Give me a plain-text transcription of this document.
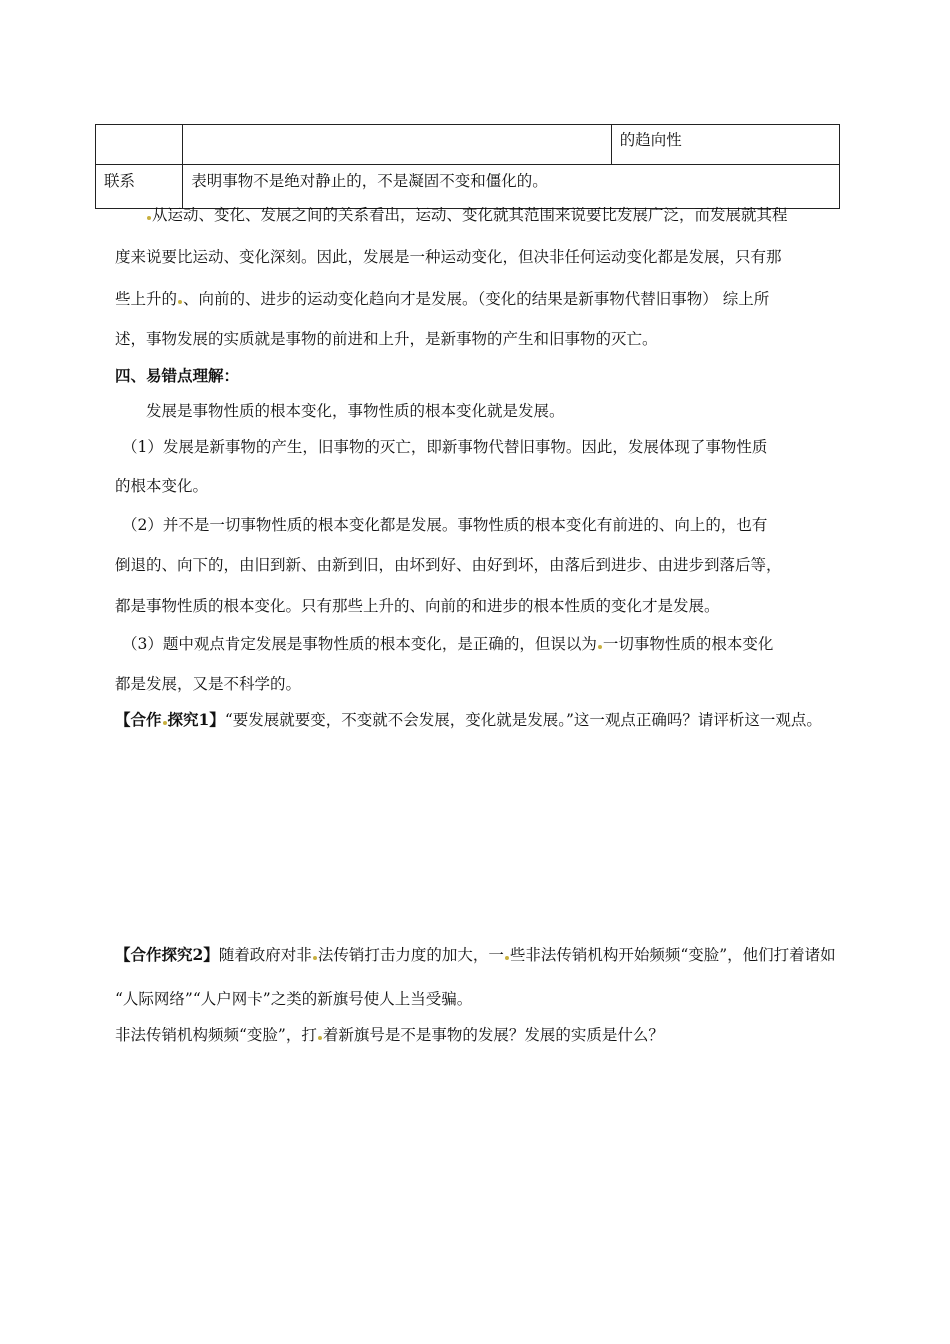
		的趋向性
联系	表明事物不是绝对静止的，不是凝固不变和僵化的。	
从运动、变化、发展之间的关系看出，运动、变化就其范围来说要比发展广泛，而发展就其程
度来说要比运动、变化深刻。因此，发展是一种运动变化，但决非任何运动变化都是发展，只有那
些上升的 、向前的、进步的运动变化趋向才是发展。（变化的结果是新事物代替旧事物） 综上所
述，事物发展的实质就是事物的前进和上升，是新事物的产生和旧事物的灭亡。
四、易错点理解：
发展是事物性质的根本变化，事物性质的根本变化就是发展。
（1）发展是新事物的产生，旧事物的灭亡，即新事物代替旧事物。因此，发展体现了事物性质
的根本变化。
（2）并不是一切事物性质的根本变化都是发展。事物性质的根本变化有前进的、向上的，也有
倒退的、向下的，由旧到新、由新到旧，由坏到好、由好到坏，由落后到进步、由进步到落后等，
都是事物性质的根本变化。只有那些上升的、向前的和进步的根本性质的变化才是发展。
（3）题中观点肯定发展是事物性质的根本变化，是正确的，但误以为 一切事物性质的根本变化
都是发展，又是不科学的。
【合作 探究1】“要发展就要变，不变就不会发展，变化就是发展。”这一观点正确吗？请评析这一观点。
【合作探究2】随着政府对非 法传销打击力度的加大，一 些非法传销机构开始频频“变脸”，他们打着诸如
“人际网络”“人户网卡”之类的新旗号使人上当受骗。
非法传销机构频频“变脸”，打 着新旗号是不是事物的发展？发展的实质是什么？
